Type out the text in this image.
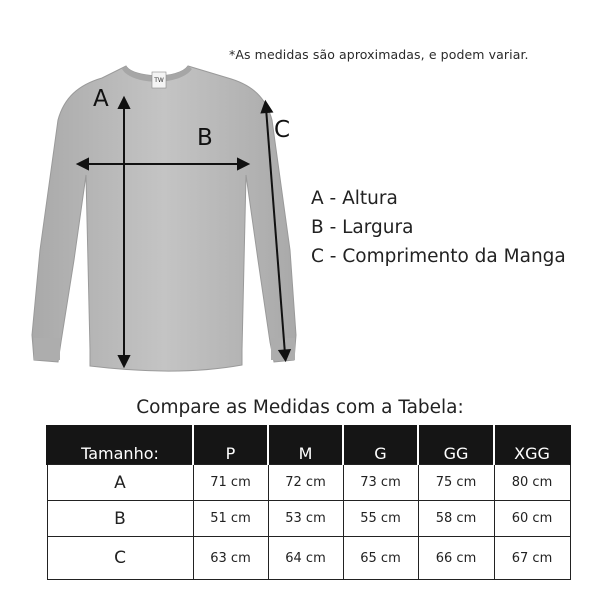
*As medidas são aproximadas, e podem variar.
TW
A
B	C
A - Altura
B - Largura
C - Comprimento da Manga
Compare as Medidas com a Tabela:
Tamanho:	P	M	G	GG	XGG
A	71 cm	72 cm	73 cm	75 cm	80 cm
B	51 cm	53 cm	55 cm	58 cm	60 cm
C	63 cm	64 cm	65 cm	66 cm	67 cm
